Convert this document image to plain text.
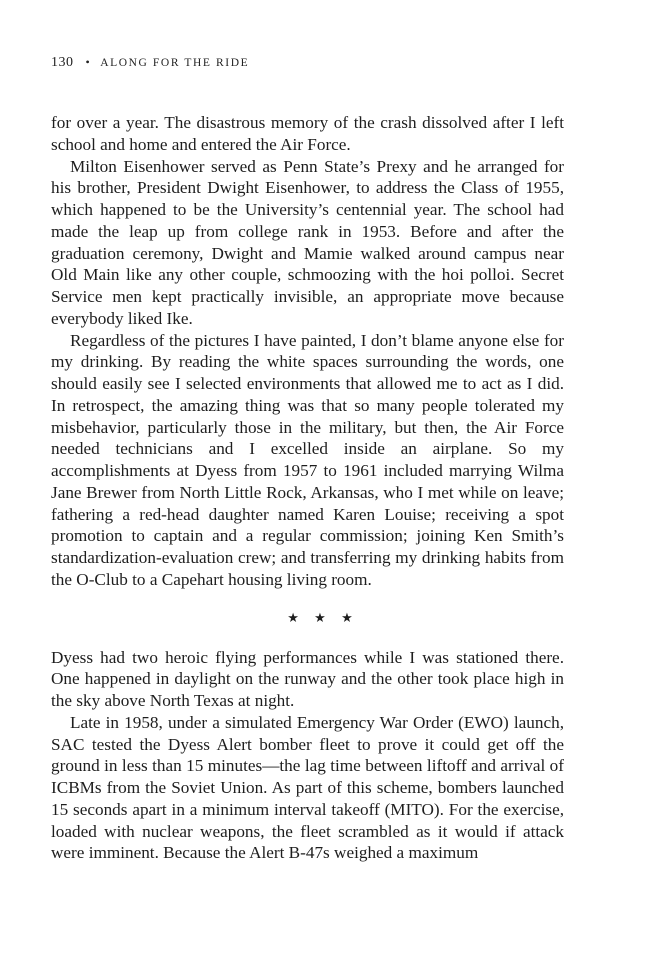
130 • ALONG FOR THE RIDE

for over a year. The disastrous memory of the crash dissolved after I left school and home and entered the Air Force.

Milton Eisenhower served as Penn State’s Prexy and he arranged for his brother, President Dwight Eisenhower, to address the Class of 1955, which happened to be the University’s centennial year. The school had made the leap up from college rank in 1953. Before and after the graduation ceremony, Dwight and Mamie walked around campus near Old Main like any other couple, schmoozing with the hoi polloi. Secret Service men kept practically invisible, an appropriate move because everybody liked Ike.

Regardless of the pictures I have painted, I don’t blame anyone else for my drinking. By reading the white spaces surrounding the words, one should easily see I selected environments that allowed me to act as I did. In retrospect, the amazing thing was that so many people tolerated my misbehavior, particularly those in the military, but then, the Air Force needed technicians and I excelled inside an airplane. So my accomplishments at Dyess from 1957 to 1961 included marrying Wilma Jane Brewer from North Little Rock, Arkansas, who I met while on leave; fathering a red-head daughter named Karen Louise; receiving a spot promotion to captain and a regular commission; joining Ken Smith’s standardization-evaluation crew; and transferring my drinking habits from the O-Club to a Capehart housing living room.

★ ★ ★

Dyess had two heroic flying performances while I was stationed there. One happened in daylight on the runway and the other took place high in the sky above North Texas at night.

Late in 1958, under a simulated Emergency War Order (EWO) launch, SAC tested the Dyess Alert bomber fleet to prove it could get off the ground in less than 15 minutes—the lag time between liftoff and arrival of ICBMs from the Soviet Union. As part of this scheme, bombers launched 15 seconds apart in a minimum interval takeoff (MITO). For the exercise, loaded with nuclear weapons, the fleet scrambled as it would if attack were imminent. Because the Alert B-47s weighed a maximum
